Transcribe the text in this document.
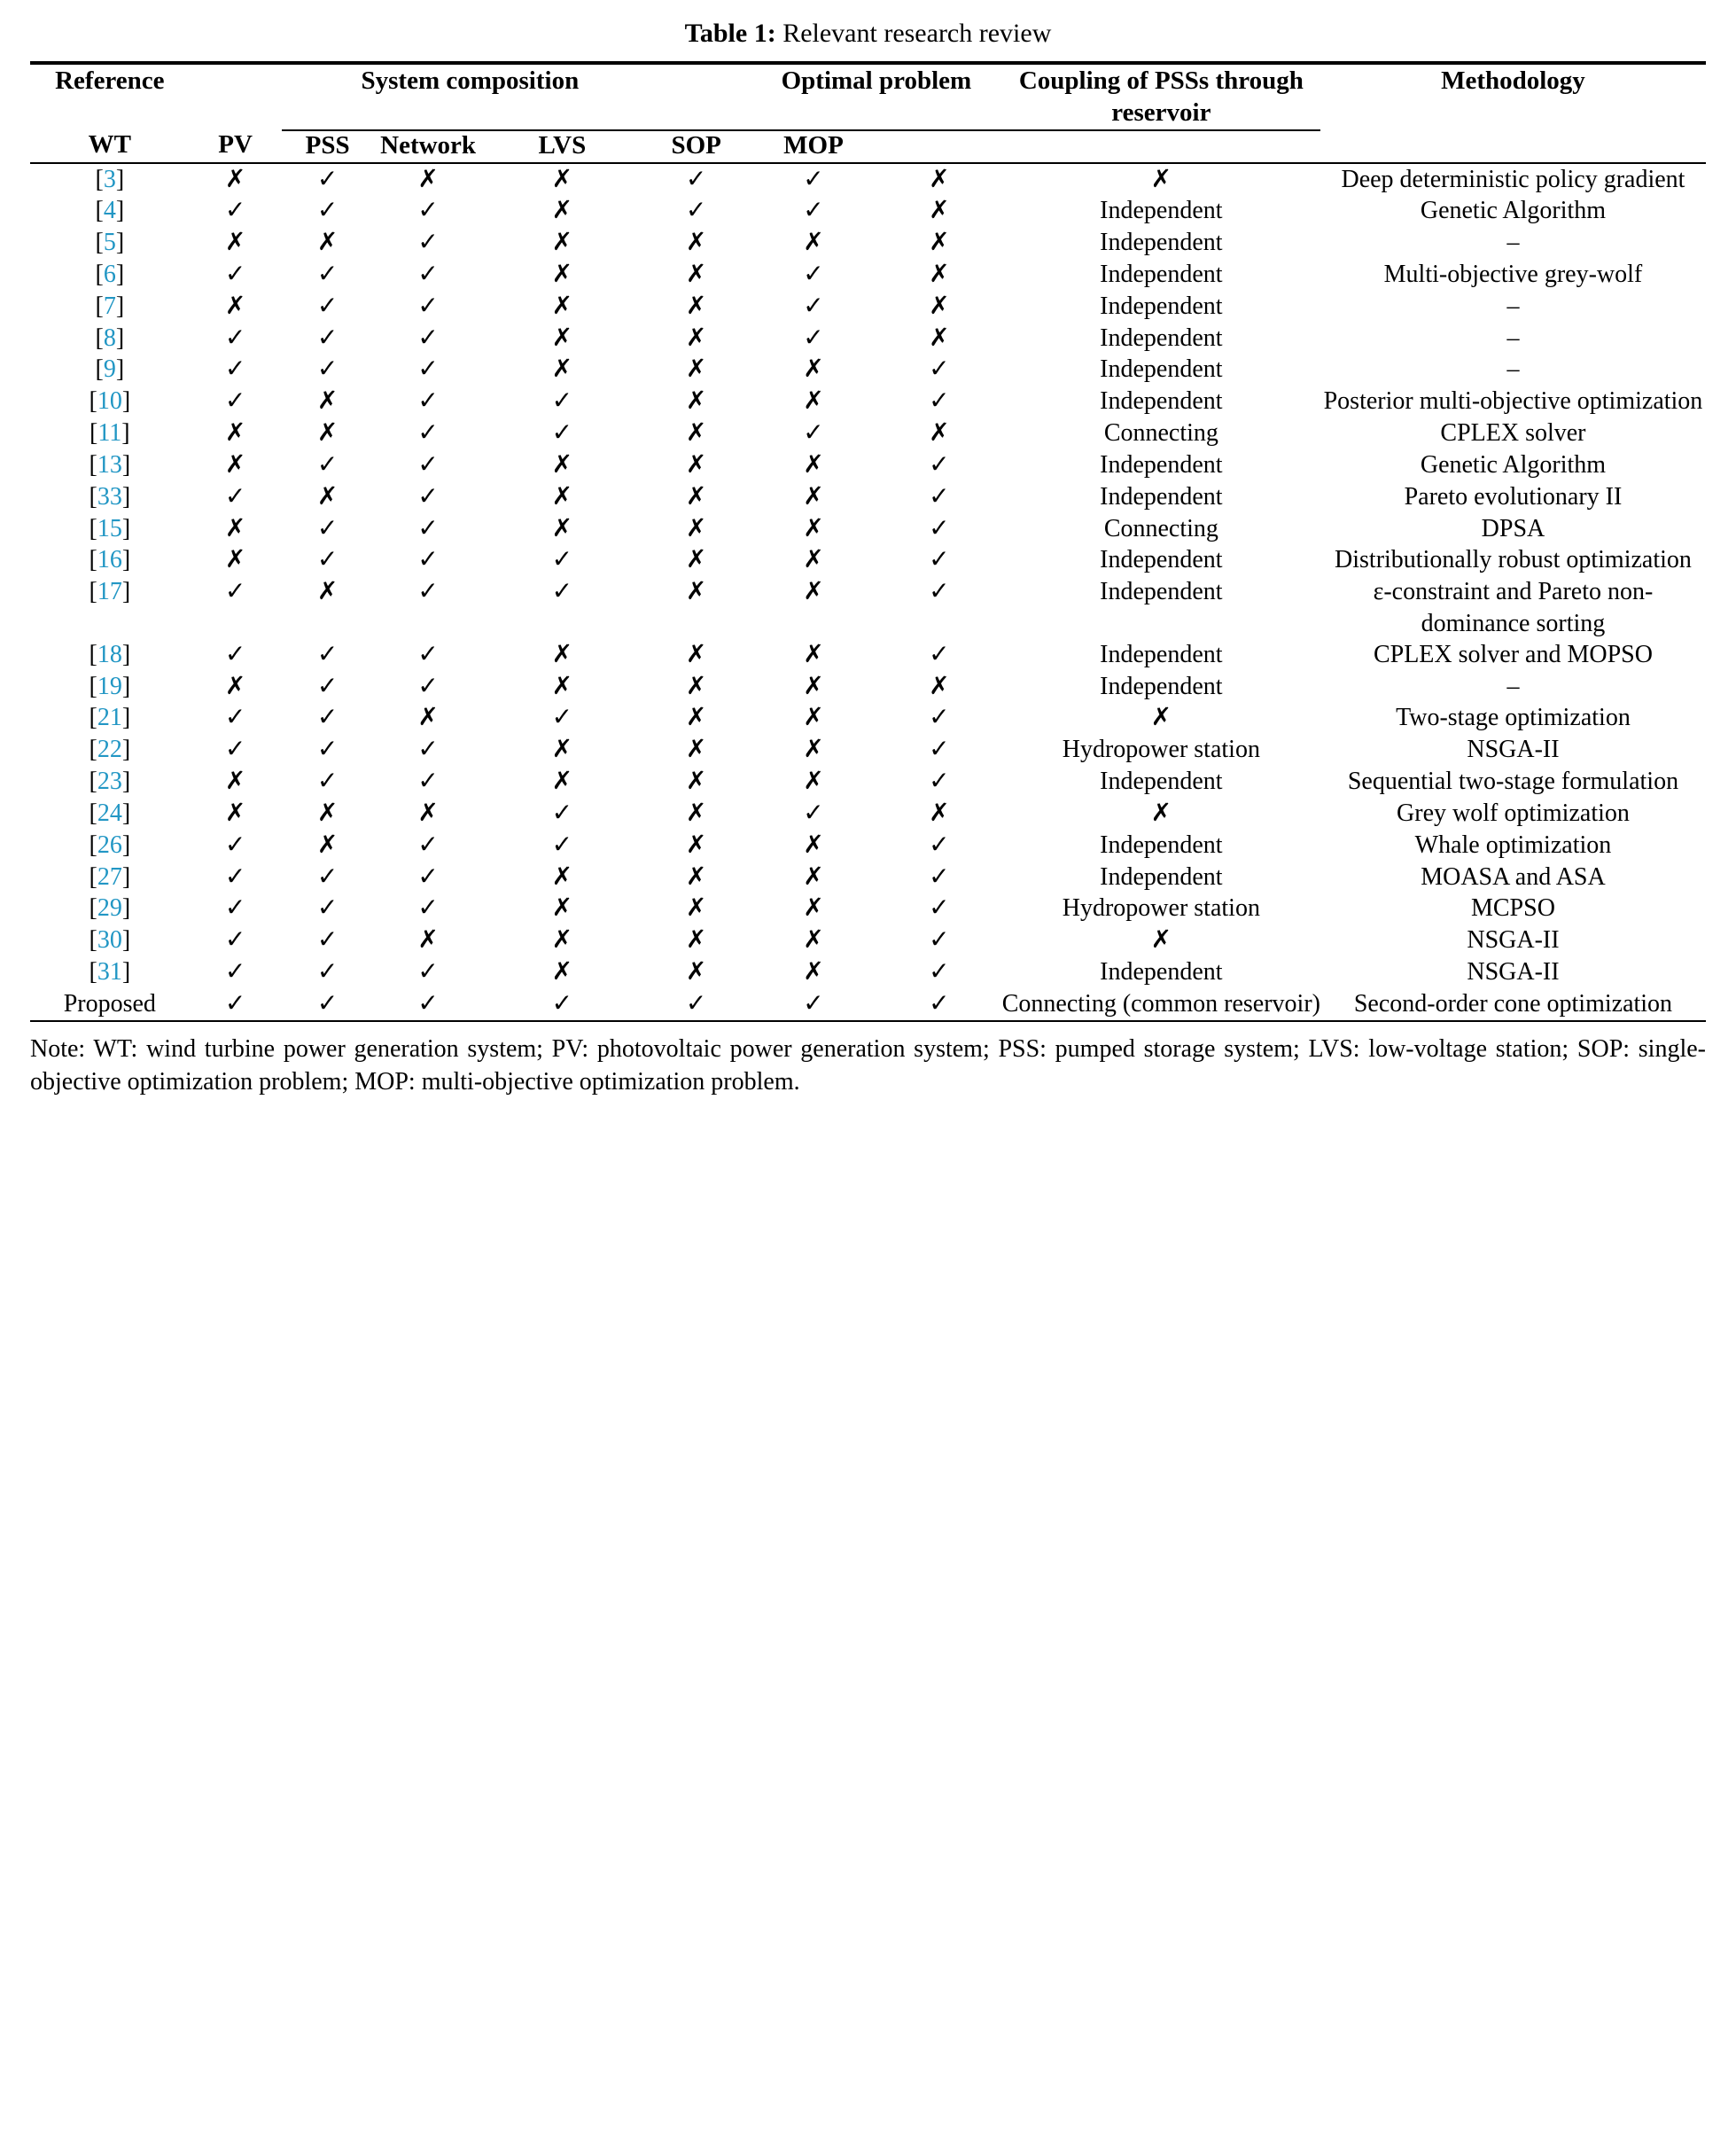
Table 1: Relevant research review

Reference	System composition					Optimal problem		Coupling of PSSs through reservoir	Methodology	

WT	PV	PSS	Network	LVS	SOP	MOP				

[3]	✗	✓	✗	✗	✓	✓	✗	✗	Deep deterministic policy gradient	
[4]	✓	✓	✓	✗	✓	✓	✗	Independent	Genetic Algorithm	
[5]	✗	✗	✓	✗	✗	✗	✗	Independent	–	
[6]	✓	✓	✓	✗	✗	✓	✗	Independent	Multi-objective grey-wolf	
[7]	✗	✓	✓	✗	✗	✓	✗	Independent	–	
[8]	✓	✓	✓	✗	✗	✓	✗	Independent	–	
[9]	✓	✓	✓	✗	✗	✗	✓	Independent	–	
[10]	✓	✗	✓	✓	✗	✗	✓	Independent	Posterior multi-objective optimization	
[11]	✗	✗	✓	✓	✗	✓	✗	Connecting	CPLEX solver	
[13]	✗	✓	✓	✗	✗	✗	✓	Independent	Genetic Algorithm	
[33]	✓	✗	✓	✗	✗	✗	✓	Independent	Pareto evolutionary II	
[15]	✗	✓	✓	✗	✗	✗	✓	Connecting	DPSA	
[16]	✗	✓	✓	✓	✗	✗	✓	Independent	Distributionally robust optimization	
[17]	✓	✗	✓	✓	✗	✗	✓	Independent	ε-constraint and Pareto non-dominance sorting	
[18]	✓	✓	✓	✗	✗	✗	✓	Independent	CPLEX solver and MOPSO	
[19]	✗	✓	✓	✗	✗	✗	✗	Independent	–	
[21]	✓	✓	✗	✓	✗	✗	✓	✗	Two-stage optimization	
[22]	✓	✓	✓	✗	✗	✗	✓	Hydropower station	NSGA-II	
[23]	✗	✓	✓	✗	✗	✗	✓	Independent	Sequential two-stage formulation	
[24]	✗	✗	✗	✓	✗	✓	✗	✗	Grey wolf optimization	
[26]	✓	✗	✓	✓	✗	✗	✓	Independent	Whale optimization	
[27]	✓	✓	✓	✗	✗	✗	✓	Independent	MOASA and ASA	
[29]	✓	✓	✓	✗	✗	✗	✓	Hydropower station	MCPSO	
[30]	✓	✓	✗	✗	✗	✗	✓	✗	NSGA-II	
[31]	✓	✓	✓	✗	✗	✗	✓	Independent	NSGA-II	
Proposed	✓	✓	✓	✓	✓	✓	✓	Connecting (common reservoir)	Second-order cone optimization	

Note: WT: wind turbine power generation system; PV: photovoltaic power generation system; PSS: pumped storage system; LVS: low-voltage station; SOP: single-objective optimization problem; MOP: multi-objective optimization problem.
